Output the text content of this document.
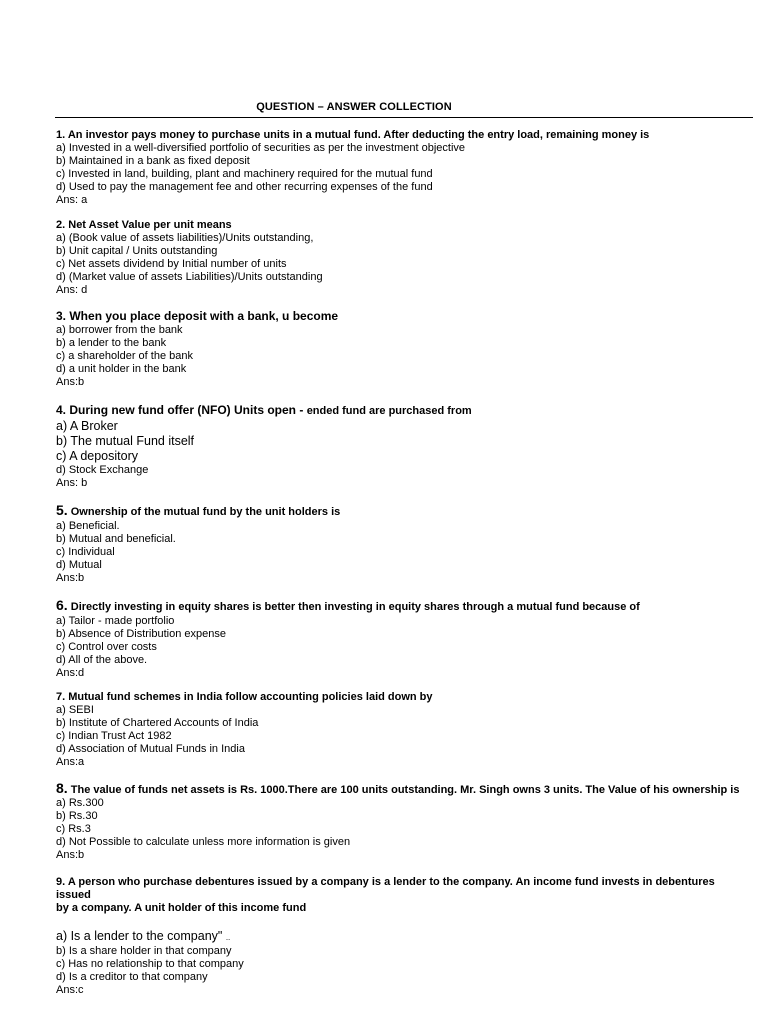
QUESTION – ANSWER COLLECTION
1. An investor pays money to purchase units in a mutual fund. After deducting the entry load, remaining money is
a) Invested in a well-diversified portfolio of securities as per the investment objective
b) Maintained in a bank as fixed deposit
c) Invested in land, building, plant and machinery required for the mutual fund
d) Used to pay the management fee and other recurring expenses of the fund
Ans: a
2. Net Asset Value per unit means
a) (Book value of assets liabilities)/Units outstanding,
b) Unit capital / Units outstanding
c) Net assets dividend by Initial number of units
d) (Market value of assets Liabilities)/Units outstanding
Ans: d
3. When you place deposit with a bank, u become
a) borrower from the bank
b) a lender to the bank
c) a shareholder of the bank
d) a unit holder in the bank
Ans:b
4. During new fund offer (NFO) Units open - ended fund are purchased from
a) A Broker
b) The mutual Fund itself
c) A depository
d) Stock Exchange
Ans: b
5. Ownership of the mutual fund by the unit holders is
a) Beneficial.
b) Mutual and beneficial.
c) Individual
d) Mutual
Ans:b
6. Directly investing in equity shares is better then investing in equity shares through a mutual fund because of
a) Tailor - made portfolio
b) Absence of Distribution expense
c) Control over costs
d) All of the above.
Ans:d
7. Mutual fund schemes in India follow accounting policies laid down by
a) SEBI
b) Institute of Chartered Accounts of India
c) Indian Trust Act 1982
d) Association of Mutual Funds in India
Ans:a
8. The value of funds net assets is Rs. 1000.There are 100 units outstanding. Mr. Singh owns 3 units. The Value of his ownership is
a) Rs.300
b) Rs.30
c) Rs.3
d) Not Possible to calculate unless more information is given
Ans:b
9. A person who purchase debentures issued by a company is a lender to the company. An income fund invests in debentures issued
by a company. A unit holder of this income fund
a) Is a lender to the company" ..
b) Is a share holder in that company
c) Has no relationship to that company
d) Is a creditor to that company
Ans:c
